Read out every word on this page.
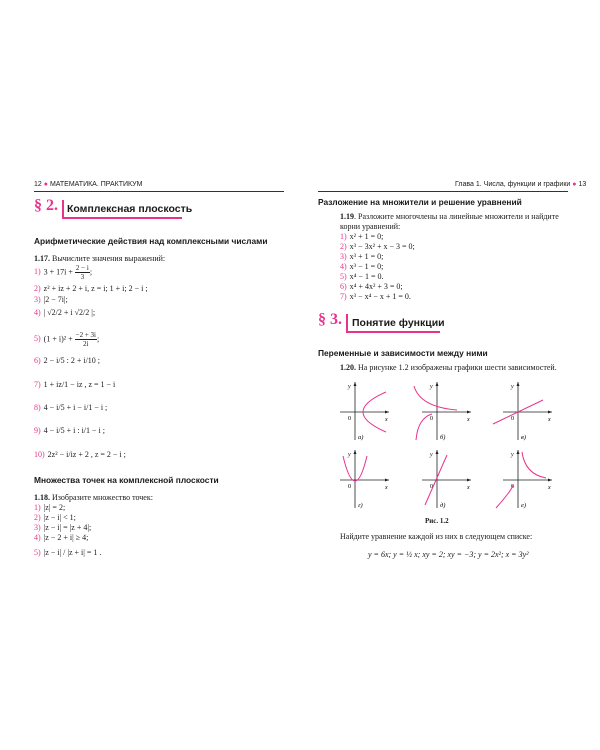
12 ● МАТЕМАТИКА. ПРАКТИКУМ
§ 2. Комплексная плоскость
Арифметические действия над комплексными числами
1.17. Вычислите значения выражений:
1) $3 + 17i + \frac{2 - i}{3}$ ;
2) z² + iz + 2 + i, z = i; 1 + i; 2 − i ;
3) |2 − 7i|;
4) | √2/2 + i √2/2 |;
5) $(1 + i)^2 + \frac{-2 + 3i}{2i}$ ;
6) 2 − i/5 : 2 + i/10 ;
7) 1 + iz/1 − iz , z = 1 − i
8) 4 − i/5 + i − i/1 − i ;
9) 4 − i/5 + i : i/1 − i ;
10) 2z² − i/iz + 2 , z = 2 − i ;
Множества точек на комплексной плоскости
1.18. Изобразите множество точек:
1) |z| = 2;
2) |z − i| < 1;
3) |z − i| = |z + 4|;
4) |z − 2 + i| ≥ 4;
5) |z − i| / |z + i| = 1 .
Глава 1. Числа, функции и графики ● 13
Разложение на множители и решение уравнений
1.19. Разложите многочлены на линейные множители и найдите корни уравнений:
1) x² + 1 = 0;
2) x³ − 3x² + x − 3 = 0;
3) x³ + 1 = 0;
4) x³ − 1 = 0;
5) x⁴ − 1 = 0.
6) x⁴ + 4x² + 3 = 0;
7) x³ − x⁴ − x + 1 = 0.
§ 3. Понятие функции
Переменные и зависимости между ними
1.20. На рисунке 1.2 изображены графики шести зависимостей.
x
y
0
а)
x
y
0
б)
x
y
0
в)
x
y
0
г)
x
y
0
д)
x
y
0
е)
Рис. 1.2
Найдите уравнение каждой из них в следующем списке:
y = 6x; y = ½ x; xy = 2; xy = −3; y = 2x²; x = 3y²
